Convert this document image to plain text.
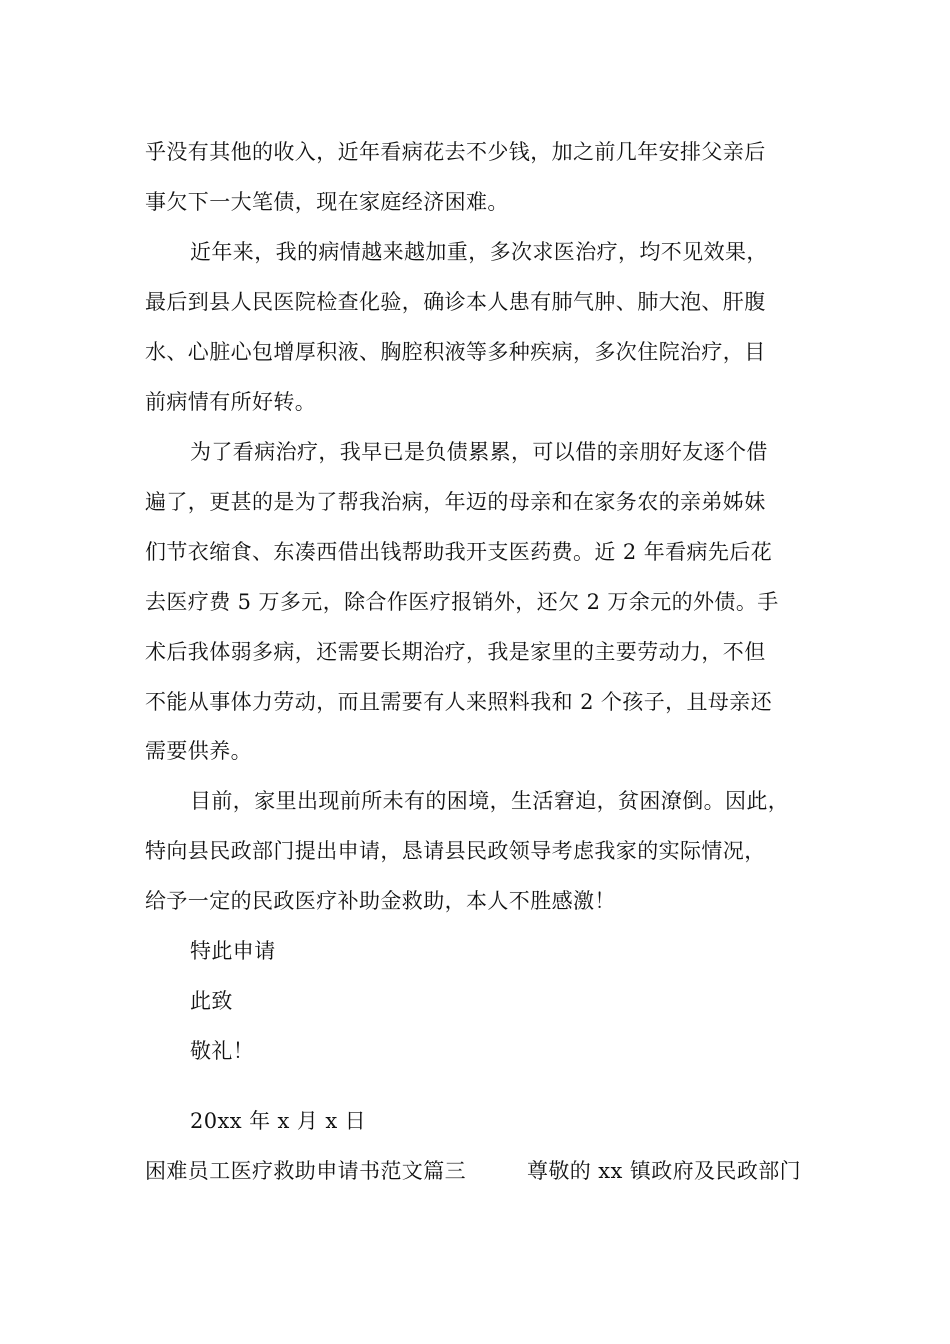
乎没有其他的收入，近年看病花去不少钱，加之前几年安排父亲后
事欠下一大笔债，现在家庭经济困难。
近年来，我的病情越来越加重，多次求医治疗，均不见效果，
最后到县人民医院检查化验，确诊本人患有肺气肿、肺大泡、肝腹
水、心脏心包增厚积液、胸腔积液等多种疾病，多次住院治疗，目
前病情有所好转。
为了看病治疗，我早已是负债累累，可以借的亲朋好友逐个借
遍了，更甚的是为了帮我治病，年迈的母亲和在家务农的亲弟姊妹
们节衣缩食、东凑西借出钱帮助我开支医药费。近 2 年看病先后花
去医疗费 5 万多元，除合作医疗报销外，还欠 2 万余元的外债。手
术后我体弱多病，还需要长期治疗，我是家里的主要劳动力，不但
不能从事体力劳动，而且需要有人来照料我和 2 个孩子，且母亲还
需要供养。
目前，家里出现前所未有的困境，生活窘迫，贫困潦倒。因此，
特向县民政部门提出申请，恳请县民政领导考虑我家的实际情况，
给予一定的民政医疗补助金救助，本人不胜感激！
特此申请
此致
敬礼！
20xx 年 x 月 x 日
困难员工医疗救助申请书范文篇三	尊敬的 xx 镇政府及民政部门
